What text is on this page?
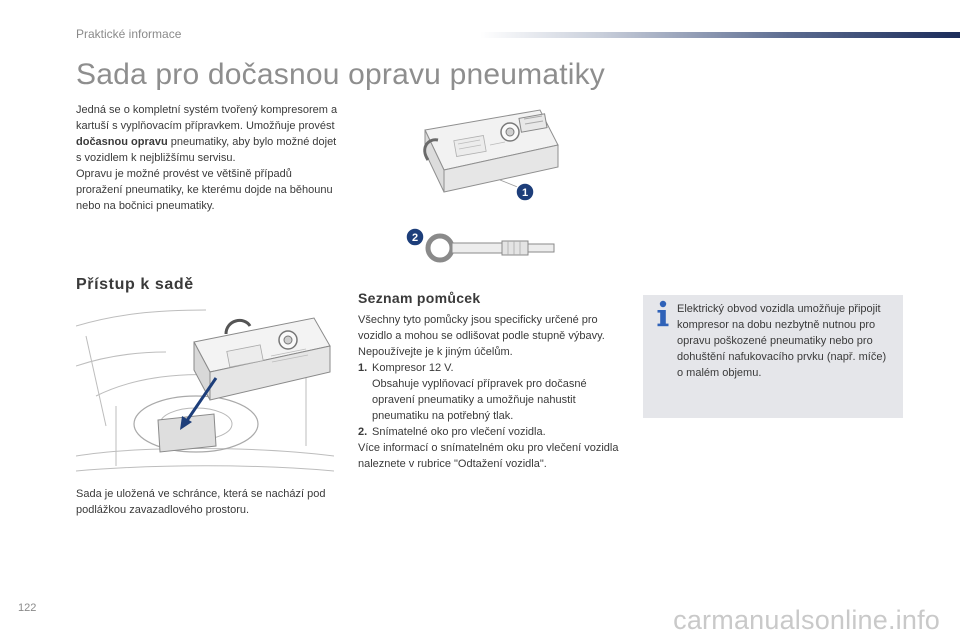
Praktické informace
Sada pro dočasnou opravu pneumatiky

Jedná se o kompletní systém tvořený kompresorem a kartuší s vyplňovacím přípravkem. Umožňuje provést dočasnou opravu pneumatiky, aby bylo možné dojet s vozidlem k nejbližšímu servisu.

Opravu je možné provést ve většině případů proražení pneumatiky, ke kterému dojde na běhounu nebo na bočnici pneumatiky.

1
2
Přístup k sadě

Sada je uložená ve schránce, která se nachází pod podlážkou zavazadlového prostoru.

Seznam pomůcek

Všechny tyto pomůcky jsou specificky určené pro vozidlo a mohou se odlišovat podle stupně výbavy. Nepoužívejte je k jiným účelům.

1. Kompresor 12 V.
Obsahuje vyplňovací přípravek pro dočasné opravení pneumatiky a umožňuje nahustit pneumatiku na potřebný tlak.
2. Snímatelné oko pro vlečení vozidla.

Více informací o snímatelném oku pro vlečení vozidla naleznete v rubrice "Odtažení vozidla".

Elektrický obvod vozidla umožňuje připojit kompresor na dobu nezbytně nutnou pro opravu poškozené pneumatiky nebo pro dohuštění nafukovacího prvku (např. míče) o malém objemu.

122	carmanualsonline.info
